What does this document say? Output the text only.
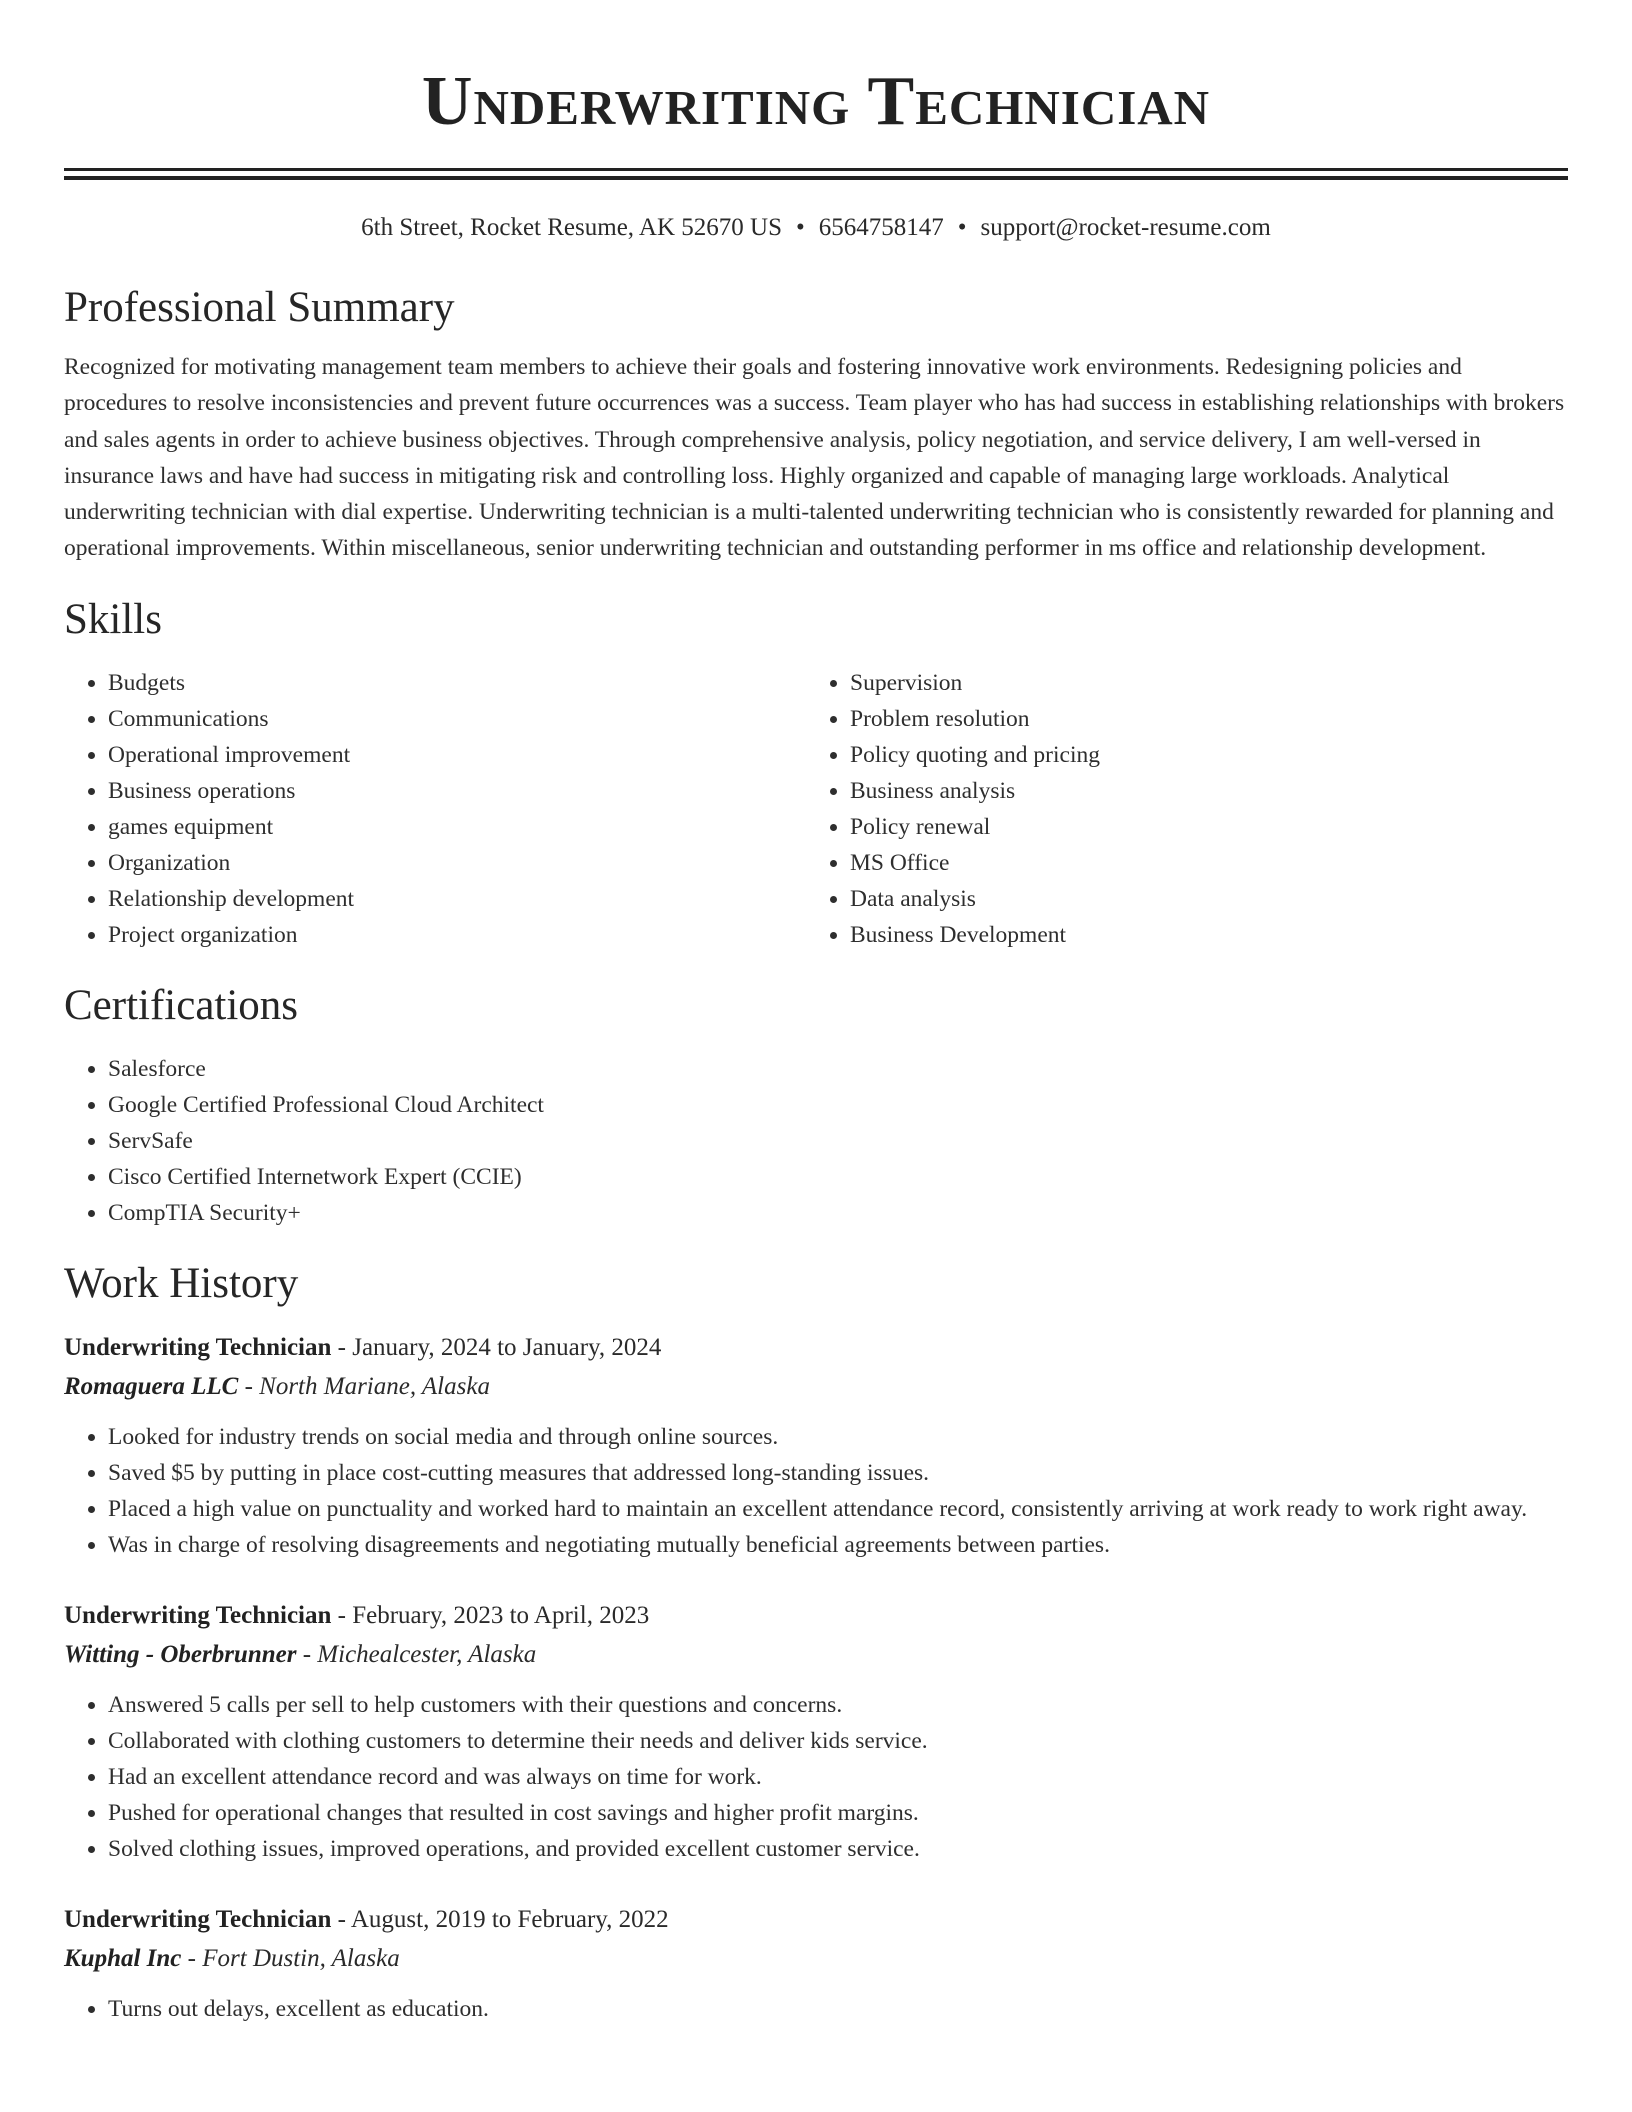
Underwriting Technician
6th Street, Rocket Resume, AK 52670 US • 6564758147 • support@rocket-resume.com
Professional Summary

Recognized for motivating management team members to achieve their goals and fostering innovative work environments. Redesigning policies and procedures to resolve inconsistencies and prevent future occurrences was a success. Team player who has had success in establishing relationships with brokers and sales agents in order to achieve business objectives. Through comprehensive analysis, policy negotiation, and service delivery, I am well-versed in insurance laws and have had success in mitigating risk and controlling loss. Highly organized and capable of managing large workloads. Analytical underwriting technician with dial expertise. Underwriting technician is a multi-talented underwriting technician who is consistently rewarded for planning and operational improvements. Within miscellaneous, senior underwriting technician and outstanding performer in ms office and relationship development.

Skills
• Budgets
• Communications
• Operational improvement
• Business operations
• games equipment
• Organization
• Relationship development
• Project organization
• Supervision
• Problem resolution
• Policy quoting and pricing
• Business analysis
• Policy renewal
• MS Office
• Data analysis
• Business Development
Certifications
• Salesforce
• Google Certified Professional Cloud Architect
• ServSafe
• Cisco Certified Internetwork Expert (CCIE)
• CompTIA Security+
Work History
Underwriting Technician - January, 2024 to January, 2024
Romaguera LLC - North Mariane, Alaska
• Looked for industry trends on social media and through online sources.
• Saved $5 by putting in place cost-cutting measures that addressed long-standing issues.
• Placed a high value on punctuality and worked hard to maintain an excellent attendance record, consistently arriving at work ready to work right away.
• Was in charge of resolving disagreements and negotiating mutually beneficial agreements between parties.
Underwriting Technician - February, 2023 to April, 2023
Witting - Oberbrunner - Michealcester, Alaska
• Answered 5 calls per sell to help customers with their questions and concerns.
• Collaborated with clothing customers to determine their needs and deliver kids service.
• Had an excellent attendance record and was always on time for work.
• Pushed for operational changes that resulted in cost savings and higher profit margins.
• Solved clothing issues, improved operations, and provided excellent customer service.
Underwriting Technician - August, 2019 to February, 2022
Kuphal Inc - Fort Dustin, Alaska
• Turns out delays, excellent as education.
